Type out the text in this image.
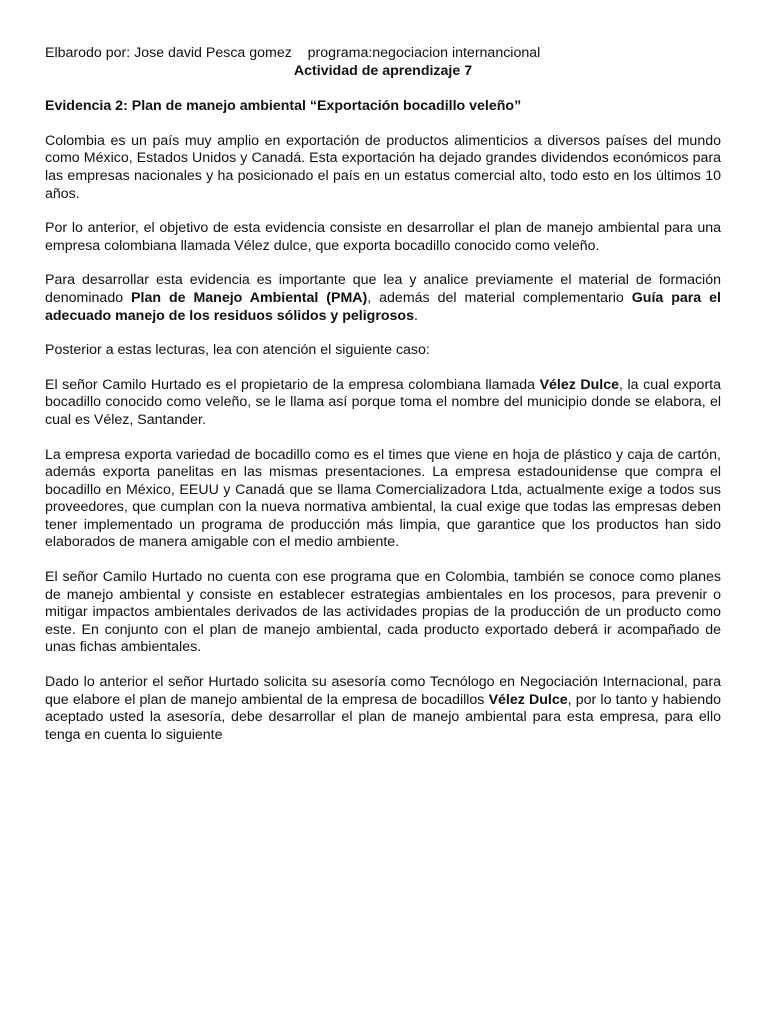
Elbarodo por: Jose david Pesca gomez    programa:negociacion internancional

Actividad de aprendizaje 7

Evidencia 2: Plan de manejo ambiental “Exportación bocadillo veleño”

Colombia es un país muy amplio en exportación de productos alimenticios a diversos países del mundo como México, Estados Unidos y Canadá. Esta exportación ha dejado grandes dividendos económicos para las empresas nacionales y ha posicionado el país en un estatus comercial alto, todo esto en los últimos 10 años.

Por lo anterior, el objetivo de esta evidencia consiste en desarrollar el plan de manejo ambiental para una empresa colombiana llamada Vélez dulce, que exporta bocadillo conocido como veleño.

Para desarrollar esta evidencia es importante que lea y analice previamente el material de formación denominado Plan de Manejo Ambiental (PMA), además del material complementario Guía para el adecuado manejo de los residuos sólidos y peligrosos.

Posterior a estas lecturas, lea con atención el siguiente caso:

El señor Camilo Hurtado es el propietario de la empresa colombiana llamada Vélez Dulce, la cual exporta bocadillo conocido como veleño, se le llama así porque toma el nombre del municipio donde se elabora, el cual es Vélez, Santander.

La empresa exporta variedad de bocadillo como es el times que viene en hoja de plástico y caja de cartón, además exporta panelitas en las mismas presentaciones. La empresa estadounidense que compra el bocadillo en México, EEUU y Canadá que se llama Comercializadora Ltda, actualmente exige a todos sus proveedores, que cumplan con la nueva normativa ambiental, la cual exige que todas las empresas deben tener implementado un programa de producción más limpia, que garantice que los productos han sido elaborados de manera amigable con el medio ambiente.

El señor Camilo Hurtado no cuenta con ese programa que en Colombia, también se conoce como planes de manejo ambiental y consiste en establecer estrategias ambientales en los procesos, para prevenir o mitigar impactos ambientales derivados de las actividades propias de la producción de un producto como este. En conjunto con el plan de manejo ambiental, cada producto exportado deberá ir acompañado de unas fichas ambientales.

Dado lo anterior el señor Hurtado solicita su asesoría como Tecnólogo en Negociación Internacional, para que elabore el plan de manejo ambiental de la empresa de bocadillos Vélez Dulce, por lo tanto y habiendo aceptado usted la asesoría, debe desarrollar el plan de manejo ambiental para esta empresa, para ello tenga en cuenta lo siguiente
